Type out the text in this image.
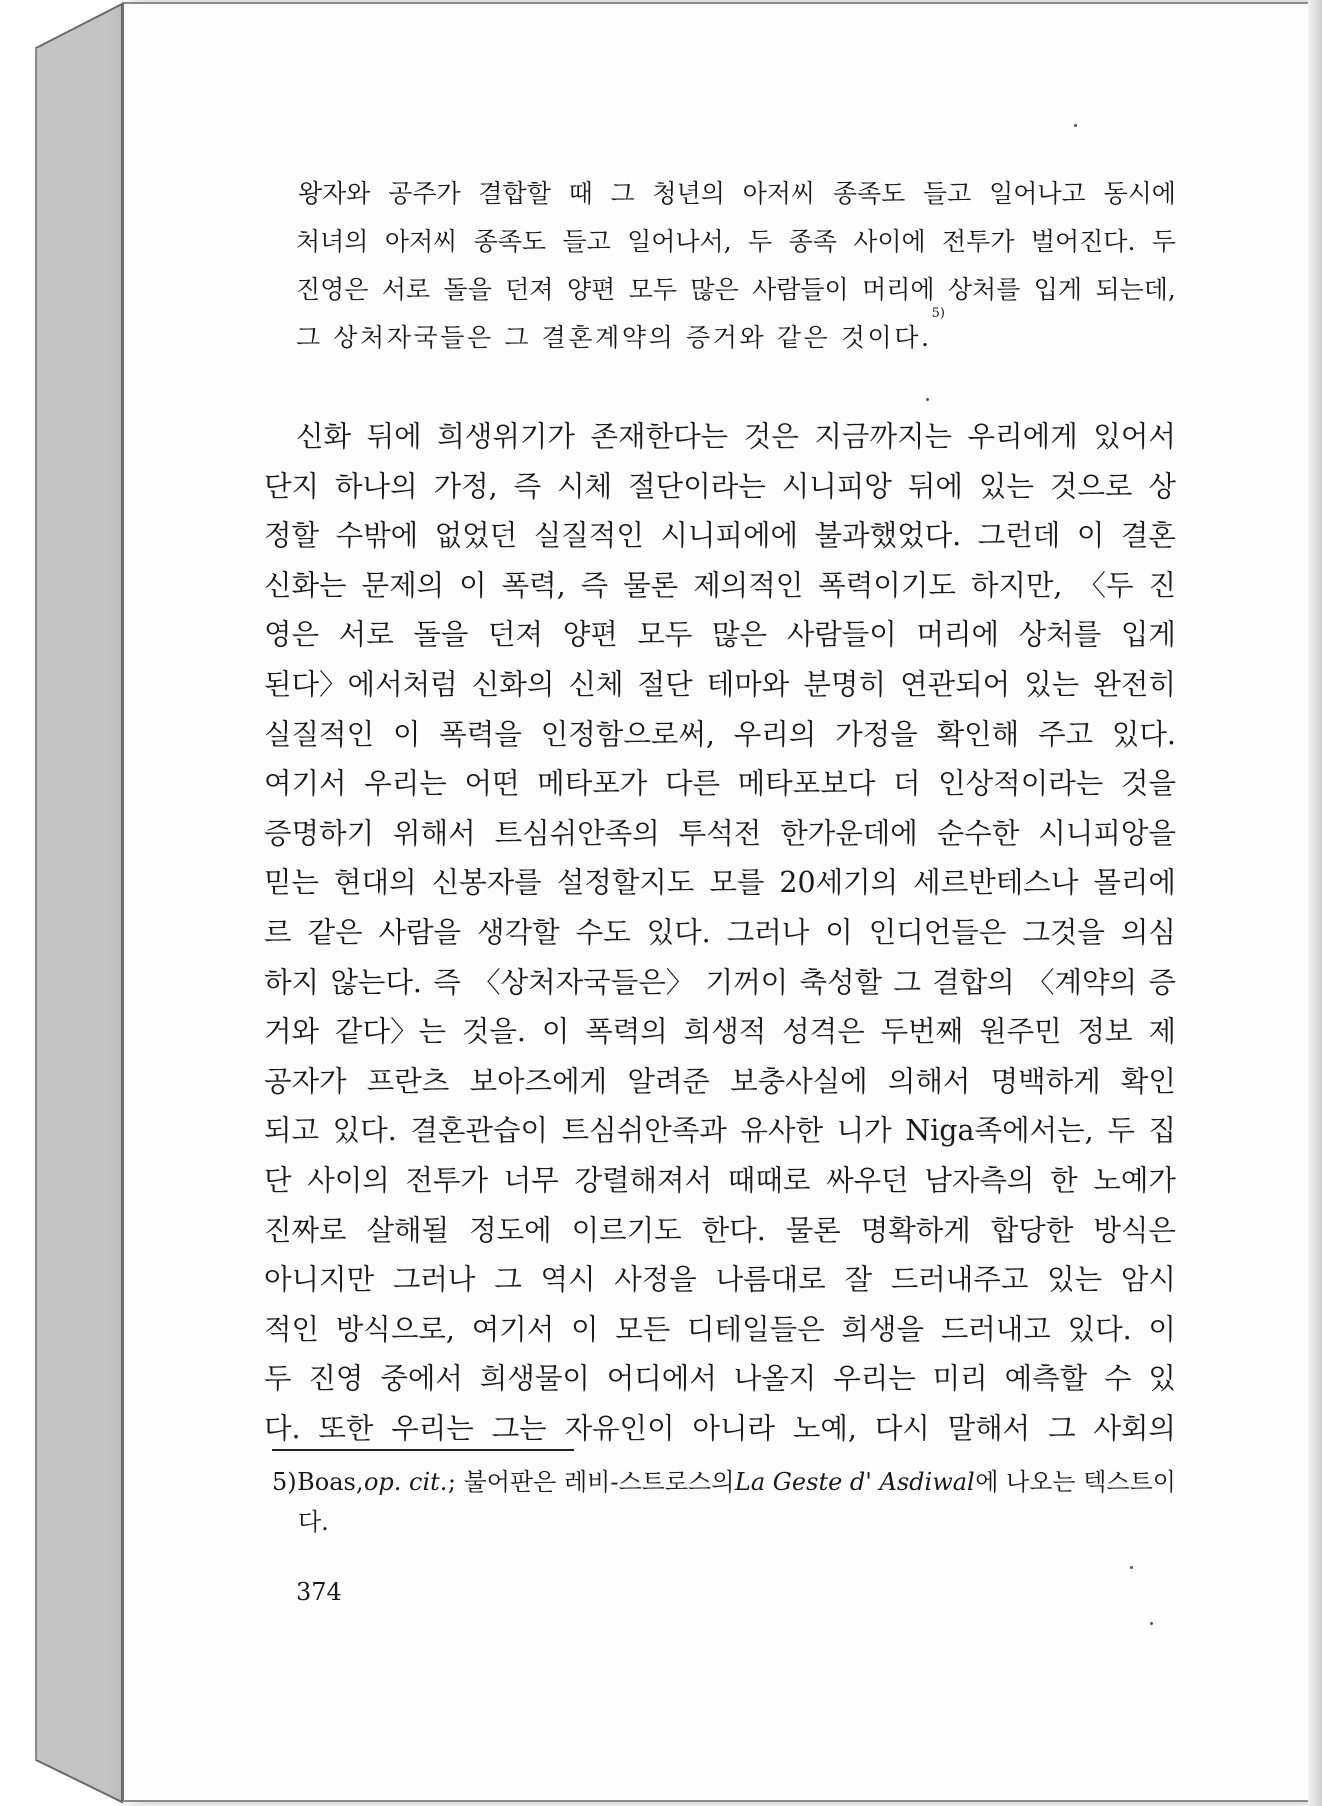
왕자와 공주가 결합할 때 그 청년의 아저씨 종족도 들고 일어나고 동시에
처녀의 아저씨 종족도 들고 일어나서, 두 종족 사이에 전투가 벌어진다. 두
진영은 서로 돌을 던져 양편 모두 많은 사람들이 머리에 상처를 입게 되는데,
그 상처자국들은 그 결혼계약의 증거와 같은 것이다.
5)
신화 뒤에 희생위기가 존재한다는 것은 지금까지는 우리에게 있어서
단지 하나의 가정, 즉 시체 절단이라는 시니피앙 뒤에 있는 것으로 상
정할 수밖에 없었던 실질적인 시니피에에 불과했었다. 그런데 이 결혼
신화는 문제의 이 폭력, 즉 물론 제의적인 폭력이기도 하지만, 〈두 진
영은 서로 돌을 던져 양편 모두 많은 사람들이 머리에 상처를 입게
된다〉에서처럼 신화의 신체 절단 테마와 분명히 연관되어 있는 완전히
실질적인 이 폭력을 인정함으로써, 우리의 가정을 확인해 주고 있다.
여기서 우리는 어떤 메타포가 다른 메타포보다 더 인상적이라는 것을
증명하기 위해서 트심쉬안족의 투석전 한가운데에 순수한 시니피앙을
믿는 현대의 신봉자를 설정할지도 모를 20세기의 세르반테스나 몰리에
르 같은 사람을 생각할 수도 있다. 그러나 이 인디언들은 그것을 의심
하지 않는다. 즉 〈상처자국들은〉 기꺼이 축성할 그 결합의 〈계약의 증
거와 같다〉는 것을. 이 폭력의 희생적 성격은 두번째 원주민 정보 제
공자가 프란츠 보아즈에게 알려준 보충사실에 의해서 명백하게 확인
되고 있다. 결혼관습이 트심쉬안족과 유사한 니가 Niga족에서는, 두 집
단 사이의 전투가 너무 강렬해져서 때때로 싸우던 남자측의 한 노예가
진짜로 살해될 정도에 이르기도 한다. 물론 명확하게 합당한 방식은
아니지만 그러나 그 역시 사정을 나름대로 잘 드러내주고 있는 암시
적인 방식으로, 여기서 이 모든 디테일들은 희생을 드러내고 있다. 이
두 진영 중에서 희생물이 어디에서 나올지 우리는 미리 예측할 수 있
다. 또한 우리는 그는 자유인이 아니라 노예, 다시 말해서 그 사회의
5) Boas, op. cit. ; 불어판은 레비-스트로스의 La Geste d' Asdiwal 에 나오는 텍스트이
다.
374
